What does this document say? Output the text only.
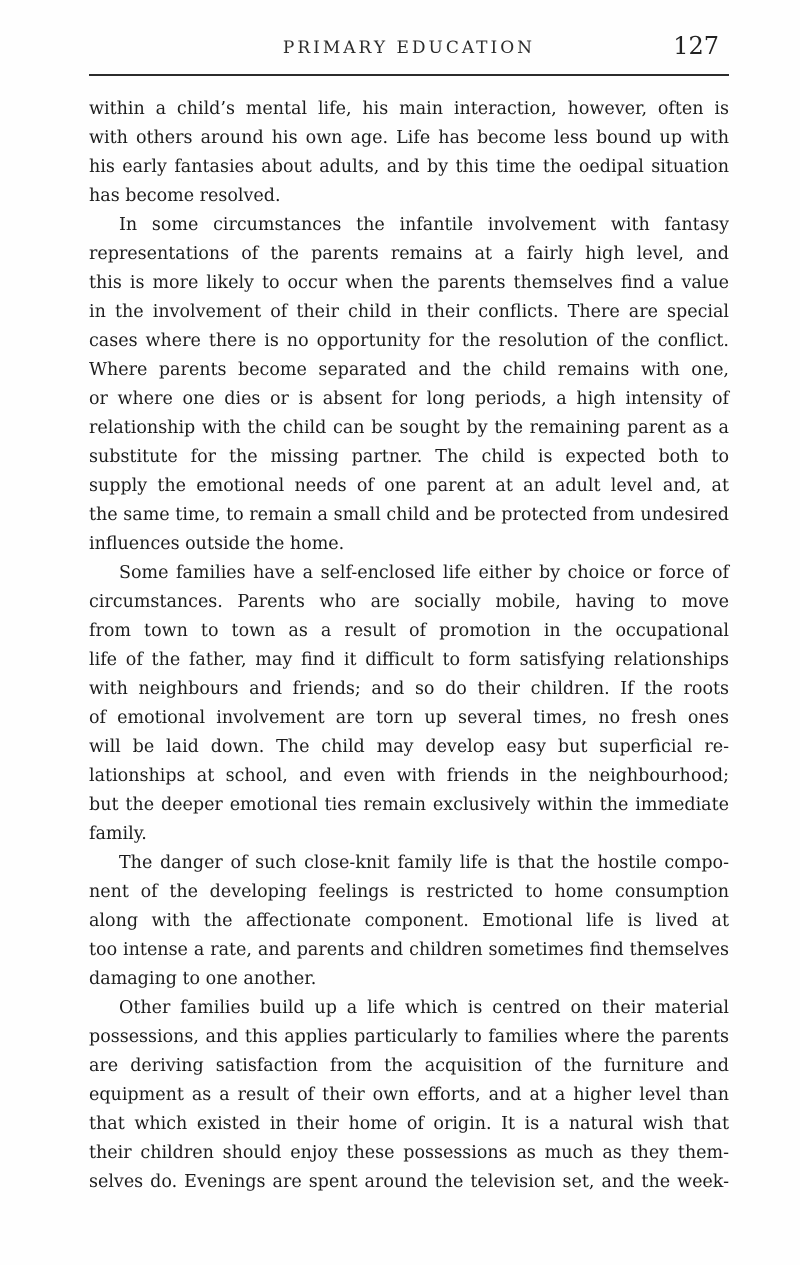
PRIMARY EDUCATION	127
within a child’s mental life, his main interaction, however, often is
with others around his own age. Life has become less bound up with
his early fantasies about adults, and by this time the oedipal situation
has become resolved.
In some circumstances the infantile involvement with fantasy
representations of the parents remains at a fairly high level, and
this is more likely to occur when the parents themselves find a value
in the involvement of their child in their conflicts. There are special
cases where there is no opportunity for the resolution of the conflict.
Where parents become separated and the child remains with one,
or where one dies or is absent for long periods, a high intensity of
relationship with the child can be sought by the remaining parent as a
substitute for the missing partner. The child is expected both to
supply the emotional needs of one parent at an adult level and, at
the same time, to remain a small child and be protected from undesired
influences outside the home.
Some families have a self-enclosed life either by choice or force of
circumstances. Parents who are socially mobile, having to move
from town to town as a result of promotion in the occupational
life of the father, may find it difficult to form satisfying relationships
with neighbours and friends; and so do their children. If the roots
of emotional involvement are torn up several times, no fresh ones
will be laid down. The child may develop easy but superficial re-
lationships at school, and even with friends in the neighbourhood;
but the deeper emotional ties remain exclusively within the immediate
family.
The danger of such close-knit family life is that the hostile compo-
nent of the developing feelings is restricted to home consumption
along with the affectionate component. Emotional life is lived at
too intense a rate, and parents and children sometimes find themselves
damaging to one another.
Other families build up a life which is centred on their material
possessions, and this applies particularly to families where the parents
are deriving satisfaction from the acquisition of the furniture and
equipment as a result of their own efforts, and at a higher level than
that which existed in their home of origin. It is a natural wish that
their children should enjoy these possessions as much as they them-
selves do. Evenings are spent around the television set, and the week-
